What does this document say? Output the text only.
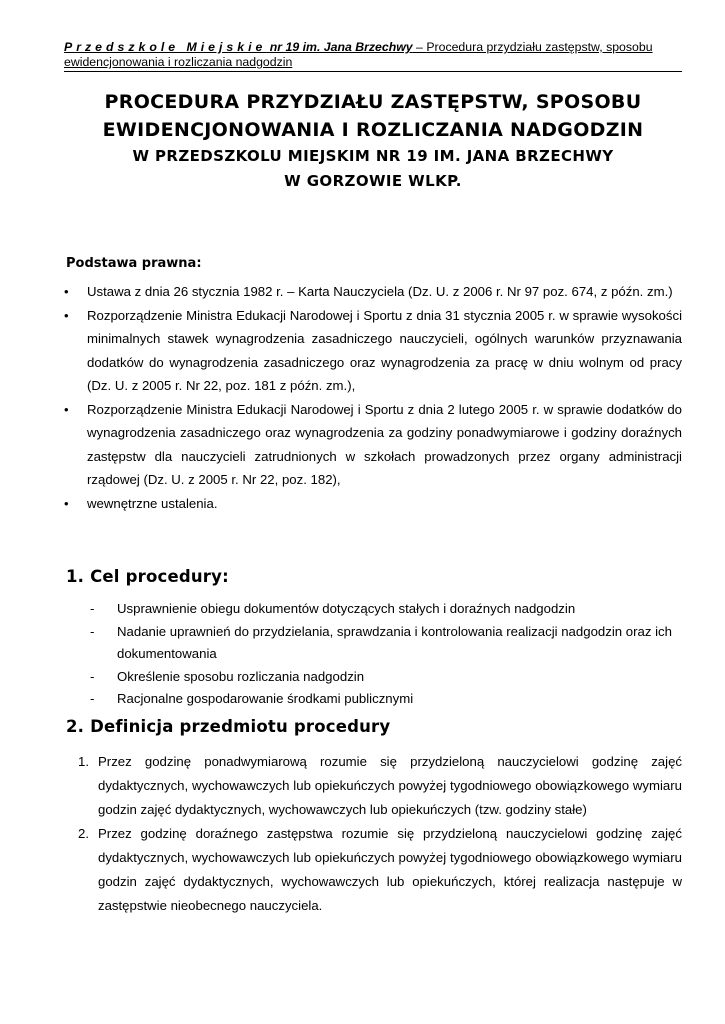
Przedszkole Miejskie nr 19 im. Jana Brzechwy – Procedura przydziału zastępstw, sposobu ewidencjonowania i rozliczania nadgodzin
PROCEDURA PRZYDZIAŁU ZASTĘPSTW, SPOSOBU
EWIDENCJONOWANIA I ROZLICZANIA NADGODZIN
W PRZEDSZKOLU MIEJSKIM NR 19 IM. JANA BRZECHWY
W GORZOWIE WLKP.
Podstawa prawna:
• Ustawa z dnia 26 stycznia 1982 r. – Karta Nauczyciela (Dz. U. z 2006 r. Nr 97 poz. 674, z późn. zm.)
• Rozporządzenie Ministra Edukacji Narodowej i Sportu z dnia 31 stycznia 2005 r. w sprawie wysokości minimalnych stawek wynagrodzenia zasadniczego nauczycieli, ogólnych warunków przyznawania dodatków do wynagrodzenia zasadniczego oraz wynagrodzenia za pracę w dniu wolnym od pracy (Dz. U. z 2005 r. Nr 22, poz. 181 z późn. zm.),
• Rozporządzenie Ministra Edukacji Narodowej i Sportu z dnia 2 lutego 2005 r. w sprawie dodatków do wynagrodzenia zasadniczego oraz wynagrodzenia za godziny ponadwymiarowe i godziny doraźnych zastępstw dla nauczycieli zatrudnionych w szkołach prowadzonych przez organy administracji rządowej (Dz. U. z 2005 r. Nr 22, poz. 182),
• wewnętrzne ustalenia.
1. Cel procedury:
- Usprawnienie obiegu dokumentów dotyczących stałych i doraźnych nadgodzin
- Nadanie uprawnień do przydzielania, sprawdzania i kontrolowania realizacji nadgodzin oraz ich dokumentowania
- Określenie sposobu rozliczania nadgodzin
- Racjonalne gospodarowanie środkami publicznymi
2. Definicja przedmiotu procedury
1. Przez godzinę ponadwymiarową rozumie się przydzieloną nauczycielowi godzinę zajęć dydaktycznych, wychowawczych lub opiekuńczych powyżej tygodniowego obowiązkowego wymiaru godzin zajęć dydaktycznych, wychowawczych lub opiekuńczych (tzw. godziny stałe)
2. Przez godzinę doraźnego zastępstwa rozumie się przydzieloną nauczycielowi godzinę zajęć dydaktycznych, wychowawczych lub opiekuńczych powyżej tygodniowego obowiązkowego wymiaru godzin zajęć dydaktycznych, wychowawczych lub opiekuńczych, której realizacja następuje w zastępstwie nieobecnego nauczyciela.
